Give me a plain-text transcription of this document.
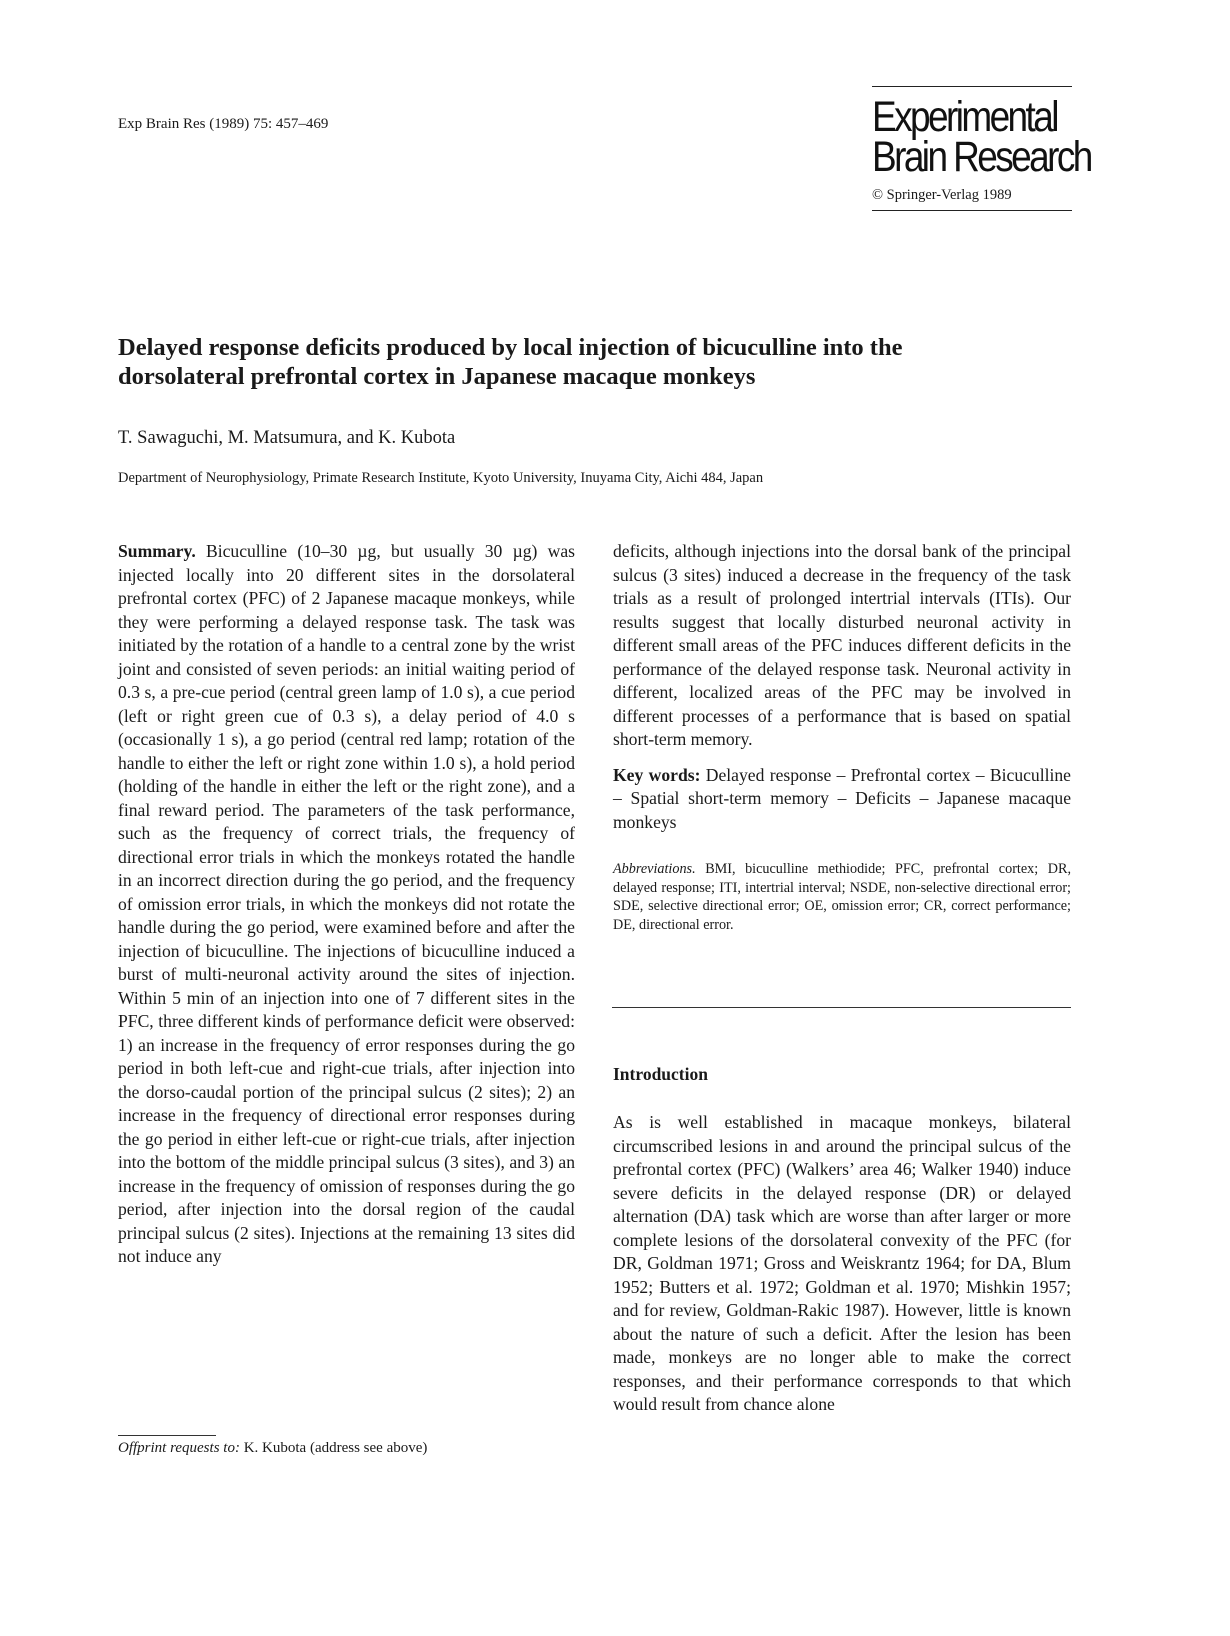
Exp Brain Res (1989) 75: 457–469	Experimental
Brain Research
© Springer-Verlag 1989
Delayed response deficits produced by local injection of bicuculline into the dorsolateral prefrontal cortex in Japanese macaque monkeys
T. Sawaguchi, M. Matsumura, and K. Kubota
Department of Neurophysiology, Primate Research Institute, Kyoto University, Inuyama City, Aichi 484, Japan

Summary. Bicuculline (10–30 µg, but usually 30 µg) was injected locally into 20 different sites in the dorsolateral prefrontal cortex (PFC) of 2 Japanese macaque monkeys, while they were performing a delayed response task. The task was initiated by the rotation of a handle to a central zone by the wrist joint and consisted of seven periods: an initial waiting period of 0.3 s, a pre-cue period (central green lamp of 1.0 s), a cue period (left or right green cue of 0.3 s), a delay period of 4.0 s (occasionally 1 s), a go period (central red lamp; rotation of the handle to either the left or right zone within 1.0 s), a hold period (holding of the handle in either the left or the right zone), and a final reward period. The parameters of the task performance, such as the frequency of correct trials, the frequency of directional error trials in which the monkeys rotated the handle in an incorrect direction during the go period, and the frequency of omission error trials, in which the monkeys did not rotate the handle during the go period, were examined before and after the injection of bicuculline. The injections of bicuculline induced a burst of multi-neuronal activity around the sites of injection. Within 5 min of an injection into one of 7 different sites in the PFC, three different kinds of performance deficit were observed: 1) an increase in the frequency of error responses during the go period in both left-cue and right-cue trials, after injection into the dorso-caudal portion of the principal sulcus (2 sites); 2) an increase in the frequency of directional error responses during the go period in either left-cue or right-cue trials, after injection into the bottom of the middle principal sulcus (3 sites), and 3) an increase in the frequency of omission of responses during the go period, after injection into the dorsal region of the caudal principal sulcus (2 sites). Injections at the remaining 13 sites did not induce any

deficits, although injections into the dorsal bank of the principal sulcus (3 sites) induced a decrease in the frequency of the task trials as a result of prolonged intertrial intervals (ITIs). Our results suggest that locally disturbed neuronal activity in different small areas of the PFC induces different deficits in the performance of the delayed response task. Neuronal activity in different, localized areas of the PFC may be involved in different processes of a performance that is based on spatial short-term memory.

Key words: Delayed response – Prefrontal cortex – Bicuculline – Spatial short-term memory – Deficits – Japanese macaque monkeys

Abbreviations. BMI, bicuculline methiodide; PFC, prefrontal cortex; DR, delayed response; ITI, intertrial interval; NSDE, non-selective directional error; SDE, selective directional error; OE, omission error; CR, correct performance; DE, directional error.

Introduction

As is well established in macaque monkeys, bilateral circumscribed lesions in and around the principal sulcus of the prefrontal cortex (PFC) (Walkers’ area 46; Walker 1940) induce severe deficits in the delayed response (DR) or delayed alternation (DA) task which are worse than after larger or more complete lesions of the dorsolateral convexity of the PFC (for DR, Goldman 1971; Gross and Weiskrantz 1964; for DA, Blum 1952; Butters et al. 1972; Goldman et al. 1970; Mishkin 1957; and for review, Goldman-Rakic 1987). However, little is known about the nature of such a deficit. After the lesion has been made, monkeys are no longer able to make the correct responses, and their performance corresponds to that which would result from chance alone

Offprint requests to: K. Kubota (address see above)
